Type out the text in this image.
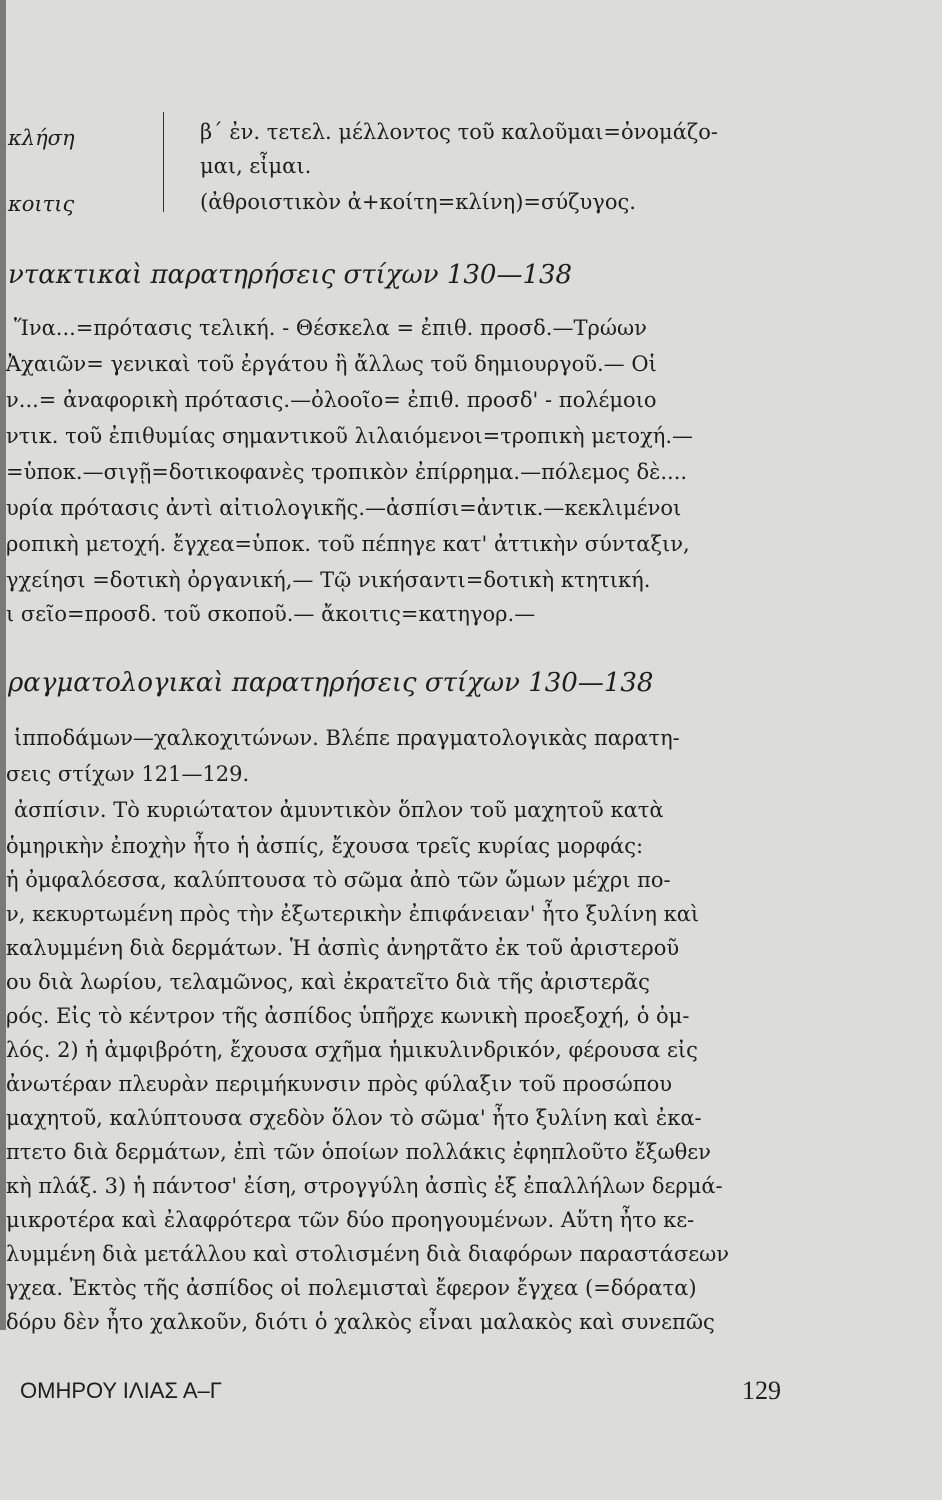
κλήση	β΄ ἐν. τετελ. μέλλοντος τοῦ καλοῦμαι=ὀνομάζο-
μαι, εἶμαι.
κοιτις	(ἀθροιστικὸν ἀ+κοίτη=κλίνη)=σύζυγος.
ντακτικαὶ παρατηρήσεις στίχων 130—138
Ἵνα...=πρότασις τελική. - Θέσκελα = ἐπιθ. προσδ.—Τρώων
Ἀχαιῶν= γενικαὶ τοῦ ἐργάτου ἢ ἄλλως τοῦ δημιουργοῦ.— Οἱ
ν...= ἀναφορικὴ πρότασις.—ὀλοοῖο= ἐπιθ. προσδ' - πολέμοιο
ντικ. τοῦ ἐπιθυμίας σημαντικοῦ λιλαιόμενοι=τροπικὴ μετοχή.—
=ὑποκ.—σιγῇ=δοτικοφανὲς τροπικὸν ἐπίρρημα.—πόλεμος δὲ....
υρία πρότασις ἀντὶ αἰτιολογικῆς.—ἀσπίσι=ἀντικ.—κεκλιμένοι
ροπικὴ μετοχή. ἔγχεα=ὑποκ. τοῦ πέπηγε κατ' ἀττικὴν σύνταξιν,
γχείησι =δοτικὴ ὀργανική,— Τῷ νικήσαντι=δοτικὴ κτητική.
ι σεῖο=προσδ. τοῦ σκοποῦ.— ἄκοιτις=κατηγορ.—
ραγματολογικαὶ παρατηρήσεις στίχων 130—138
ἱπποδάμων—χαλκοχιτώνων. Βλέπε πραγματολογικὰς παρατη-
σεις στίχων 121—129.
ἀσπίσιν. Τὸ κυριώτατον ἀμυντικὸν ὅπλον τοῦ μαχητοῦ κατὰ
ὁμηρικὴν ἐποχὴν ἦτο ἡ ἀσπίς, ἔχουσα τρεῖς κυρίας μορφάς:
ἡ ὀμφαλόεσσα, καλύπτουσα τὸ σῶμα ἀπὸ τῶν ὤμων μέχρι πο-
ν, κεκυρτωμένη πρὸς τὴν ἐξωτερικὴν ἐπιφάνειαν' ἦτο ξυλίνη καὶ
καλυμμένη διὰ δερμάτων. Ἡ ἀσπὶς ἀνηρτᾶτο ἐκ τοῦ ἀριστεροῦ
ου διὰ λωρίου, τελαμῶνος, καὶ ἐκρατεῖτο διὰ τῆς ἀριστερᾶς
ρός. Εἰς τὸ κέντρον τῆς ἀσπίδος ὑπῆρχε κωνικὴ προεξοχή, ὁ ὀμ-
λός. 2) ἡ ἀμφιβρότη, ἔχουσα σχῆμα ἡμικυλινδρικόν, φέρουσα εἰς
ἀνωτέραν πλευρὰν περιμήκυνσιν πρὸς φύλαξιν τοῦ προσώπου
μαχητοῦ, καλύπτουσα σχεδὸν ὅλον τὸ σῶμα' ἦτο ξυλίνη καὶ ἐκα-
πτετο διὰ δερμάτων, ἐπὶ τῶν ὁποίων πολλάκις ἐφηπλοῦτο ἔξωθεν
κὴ πλάξ. 3) ἡ πάντοσ' ἐίση, στρογγύλη ἀσπὶς ἐξ ἐπαλλήλων δερμά-
μικροτέρα καὶ ἐλαφρότερα τῶν δύο προηγουμένων. Αὕτη ἦτο κε-
λυμμένη διὰ μετάλλου καὶ στολισμένη διὰ διαφόρων παραστάσεων
γχεα. Ἐκτὸς τῆς ἀσπίδος οἱ πολεμισταὶ ἔφερον ἔγχεα (=δόρατα)
δόρυ δὲν ἦτο χαλκοῦν, διότι ὁ χαλκὸς εἶναι μαλακὸς καὶ συνεπῶς
ΟΜΗΡΟΥ ΙΛΙΑΣ Α–Γ	129
